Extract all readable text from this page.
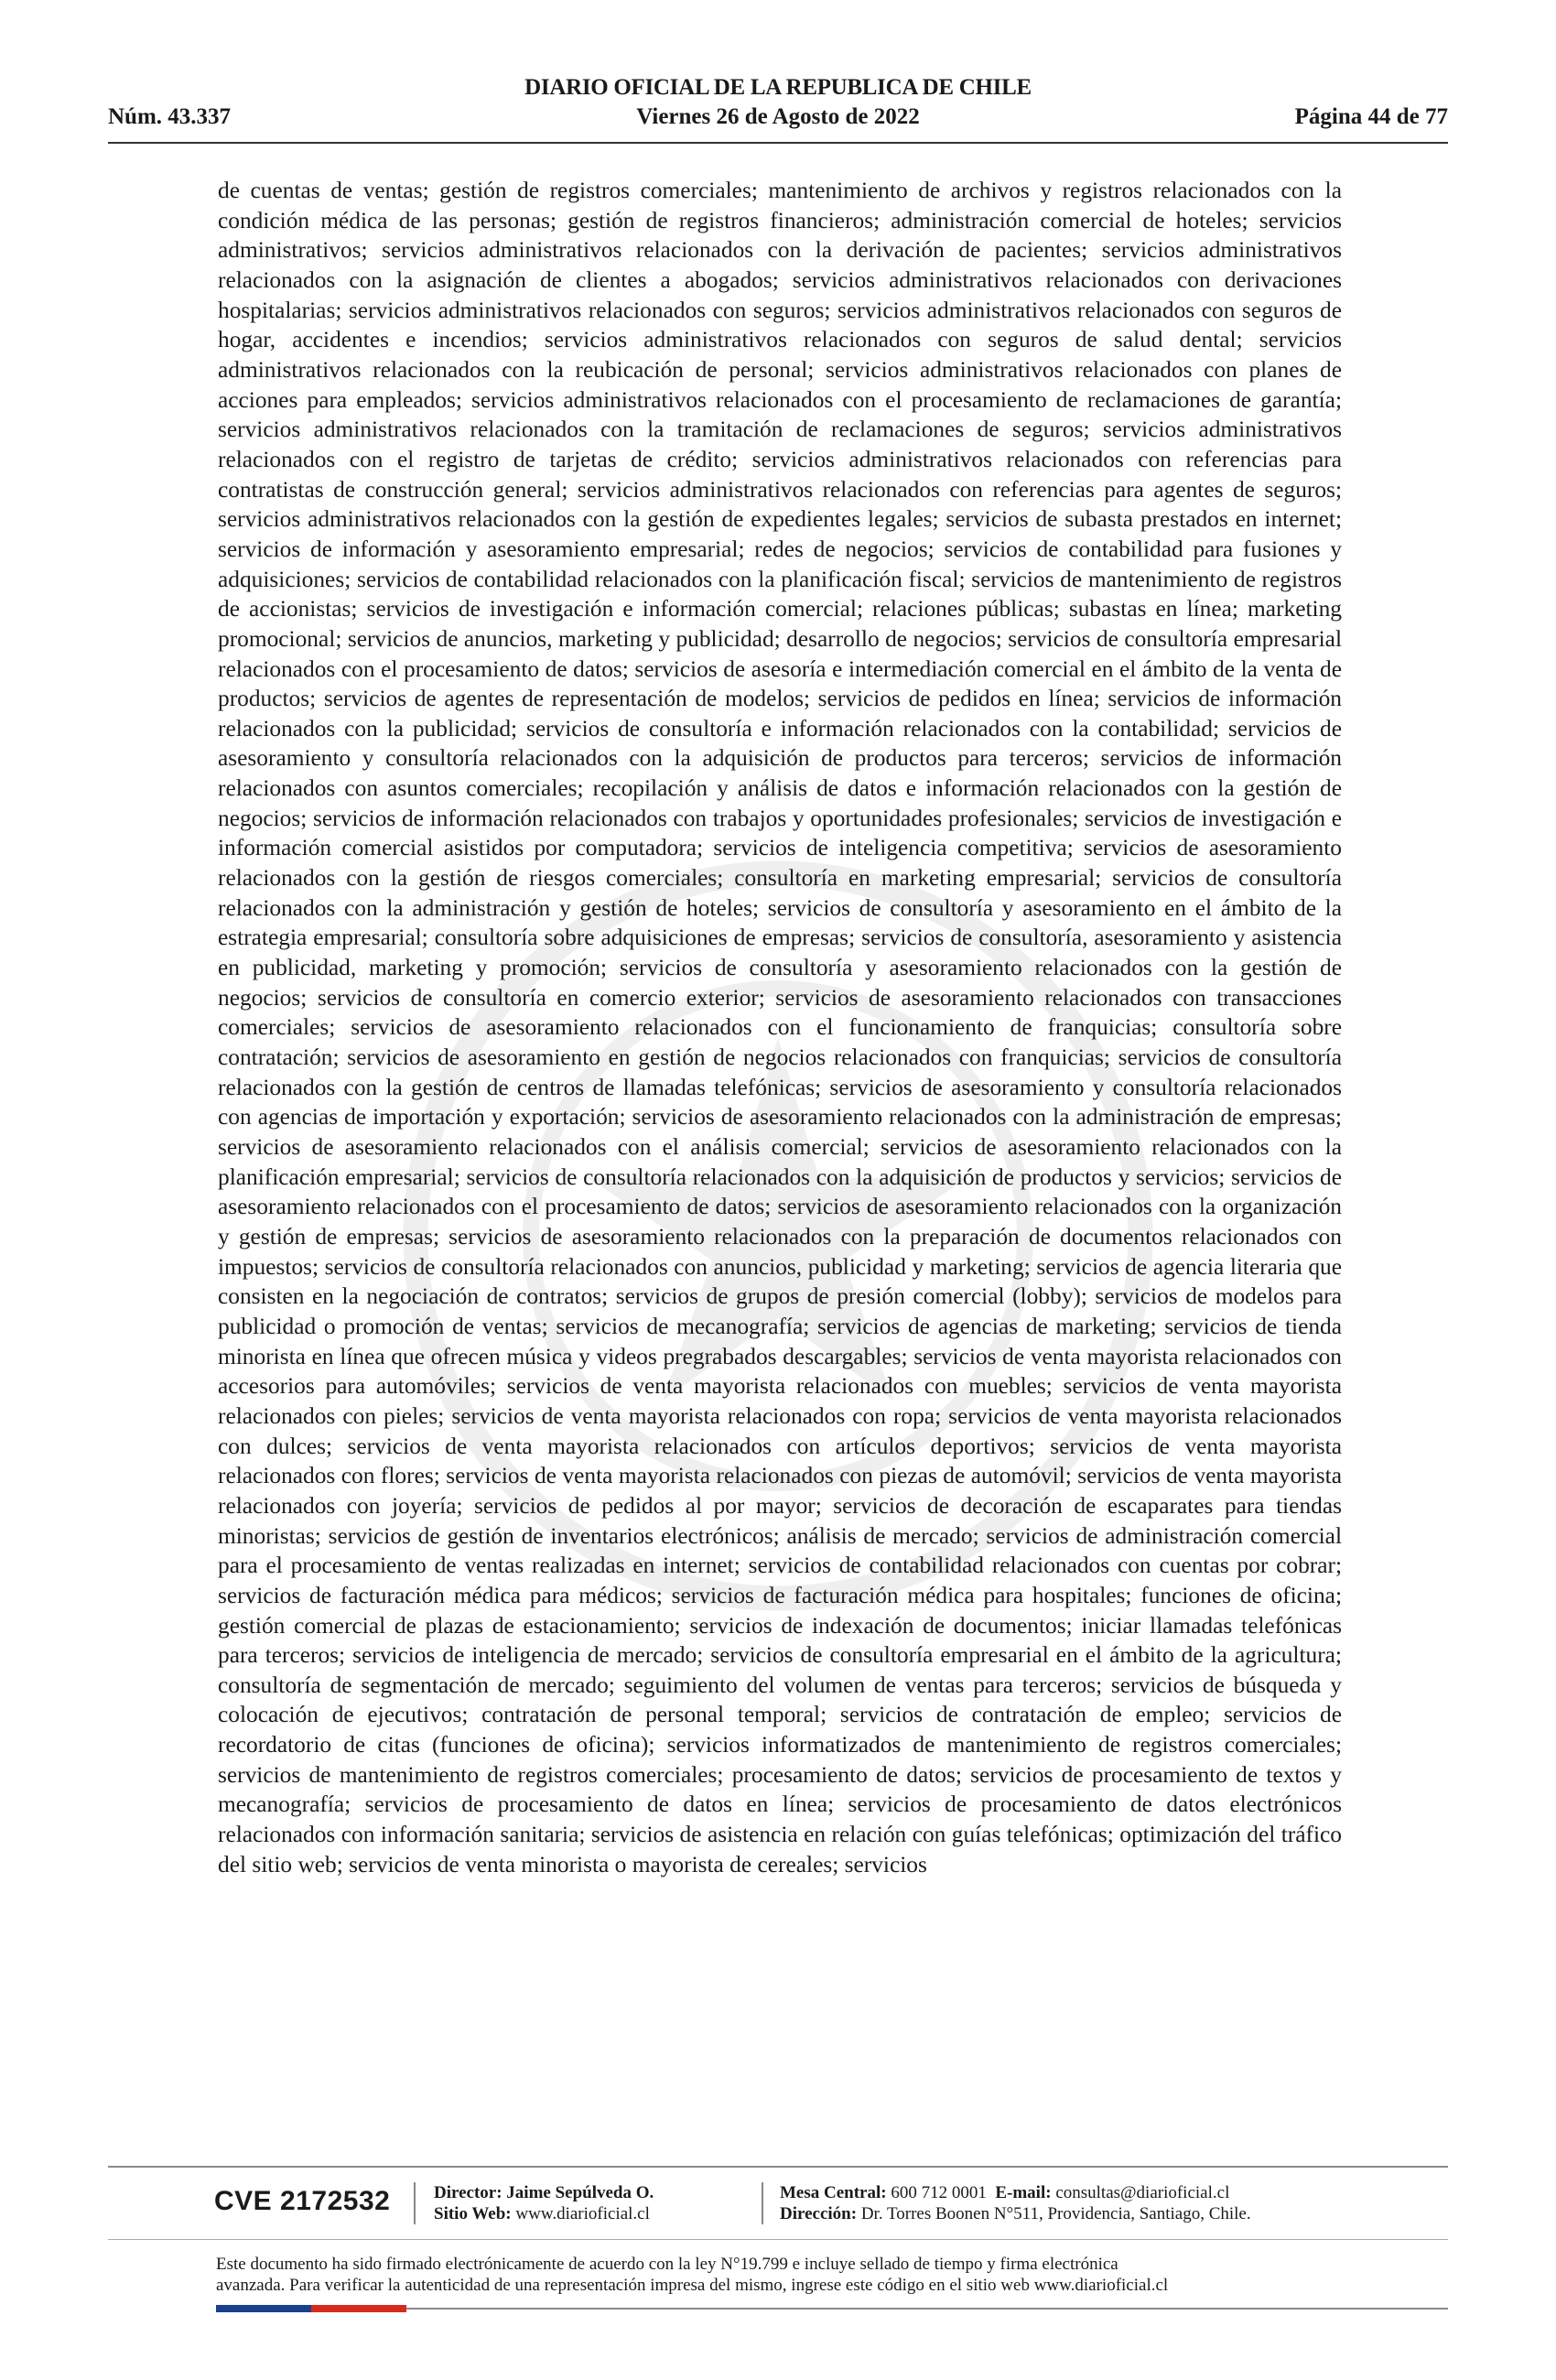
DIARIO OFICIAL DE LA REPUBLICA DE CHILE
Núm. 43.337	Viernes 26 de Agosto de 2022	Página 44 de 77
de cuentas de ventas; gestión de registros comerciales; mantenimiento de archivos y registros relacionados con la condición médica de las personas; gestión de registros financieros; administración comercial de hoteles; servicios administrativos; servicios administrativos relacionados con la derivación de pacientes; servicios administrativos relacionados con la asignación de clientes a abogados; servicios administrativos relacionados con derivaciones hospitalarias; servicios administrativos relacionados con seguros; servicios administrativos relacionados con seguros de hogar, accidentes e incendios; servicios administrativos relacionados con seguros de salud dental; servicios administrativos relacionados con la reubicación de personal; servicios administrativos relacionados con planes de acciones para empleados; servicios administrativos relacionados con el procesamiento de reclamaciones de garantía; servicios administrativos relacionados con la tramitación de reclamaciones de seguros; servicios administrativos relacionados con el registro de tarjetas de crédito; servicios administrativos relacionados con referencias para contratistas de construcción general; servicios administrativos relacionados con referencias para agentes de seguros; servicios administrativos relacionados con la gestión de expedientes legales; servicios de subasta prestados en internet; servicios de información y asesoramiento empresarial; redes de negocios; servicios de contabilidad para fusiones y adquisiciones; servicios de contabilidad relacionados con la planificación fiscal; servicios de mantenimiento de registros de accionistas; servicios de investigación e información comercial; relaciones públicas; subastas en línea; marketing promocional; servicios de anuncios, marketing y publicidad; desarrollo de negocios; servicios de consultoría empresarial relacionados con el procesamiento de datos; servicios de asesoría e intermediación comercial en el ámbito de la venta de productos; servicios de agentes de representación de modelos; servicios de pedidos en línea; servicios de información relacionados con la publicidad; servicios de consultoría e información relacionados con la contabilidad; servicios de asesoramiento y consultoría relacionados con la adquisición de productos para terceros; servicios de información relacionados con asuntos comerciales; recopilación y análisis de datos e información relacionados con la gestión de negocios; servicios de información relacionados con trabajos y oportunidades profesionales; servicios de investigación e información comercial asistidos por computadora; servicios de inteligencia competitiva; servicios de asesoramiento relacionados con la gestión de riesgos comerciales; consultoría en marketing empresarial; servicios de consultoría relacionados con la administración y gestión de hoteles; servicios de consultoría y asesoramiento en el ámbito de la estrategia empresarial; consultoría sobre adquisiciones de empresas; servicios de consultoría, asesoramiento y asistencia en publicidad, marketing y promoción; servicios de consultoría y asesoramiento relacionados con la gestión de negocios; servicios de consultoría en comercio exterior; servicios de asesoramiento relacionados con transacciones comerciales; servicios de asesoramiento relacionados con el funcionamiento de franquicias; consultoría sobre contratación; servicios de asesoramiento en gestión de negocios relacionados con franquicias; servicios de consultoría relacionados con la gestión de centros de llamadas telefónicas; servicios de asesoramiento y consultoría relacionados con agencias de importación y exportación; servicios de asesoramiento relacionados con la administración de empresas; servicios de asesoramiento relacionados con el análisis comercial; servicios de asesoramiento relacionados con la planificación empresarial; servicios de consultoría relacionados con la adquisición de productos y servicios; servicios de asesoramiento relacionados con el procesamiento de datos; servicios de asesoramiento relacionados con la organización y gestión de empresas; servicios de asesoramiento relacionados con la preparación de documentos relacionados con impuestos; servicios de consultoría relacionados con anuncios, publicidad y marketing; servicios de agencia literaria que consisten en la negociación de contratos; servicios de grupos de presión comercial (lobby); servicios de modelos para publicidad o promoción de ventas; servicios de mecanografía; servicios de agencias de marketing; servicios de tienda minorista en línea que ofrecen música y videos pregrabados descargables; servicios de venta mayorista relacionados con accesorios para automóviles; servicios de venta mayorista relacionados con muebles; servicios de venta mayorista relacionados con pieles; servicios de venta mayorista relacionados con ropa; servicios de venta mayorista relacionados con dulces; servicios de venta mayorista relacionados con artículos deportivos; servicios de venta mayorista relacionados con flores; servicios de venta mayorista relacionados con piezas de automóvil; servicios de venta mayorista relacionados con joyería; servicios de pedidos al por mayor; servicios de decoración de escaparates para tiendas minoristas; servicios de gestión de inventarios electrónicos; análisis de mercado; servicios de administración comercial para el procesamiento de ventas realizadas en internet; servicios de contabilidad relacionados con cuentas por cobrar; servicios de facturación médica para médicos; servicios de facturación médica para hospitales; funciones de oficina; gestión comercial de plazas de estacionamiento; servicios de indexación de documentos; iniciar llamadas telefónicas para terceros; servicios de inteligencia de mercado; servicios de consultoría empresarial en el ámbito de la agricultura; consultoría de segmentación de mercado; seguimiento del volumen de ventas para terceros; servicios de búsqueda y colocación de ejecutivos; contratación de personal temporal; servicios de contratación de empleo; servicios de recordatorio de citas (funciones de oficina); servicios informatizados de mantenimiento de registros comerciales; servicios de mantenimiento de registros comerciales; procesamiento de datos; servicios de procesamiento de textos y mecanografía; servicios de procesamiento de datos en línea; servicios de procesamiento de datos electrónicos relacionados con información sanitaria; servicios de asistencia en relación con guías telefónicas; optimización del tráfico del sitio web; servicios de venta minorista o mayorista de cereales; servicios
CVE 2172532	Director: Jaime Sepúlveda O.
Sitio Web: www.diarioficial.cl
Mesa Central: 600 712 0001 E-mail: consultas@diarioficial.cl
Dirección: Dr. Torres Boonen N°511, Providencia, Santiago, Chile.
Este documento ha sido firmado electrónicamente de acuerdo con la ley N°19.799 e incluye sellado de tiempo y firma electrónica
avanzada. Para verificar la autenticidad de una representación impresa del mismo, ingrese este código en el sitio web www.diarioficial.cl
